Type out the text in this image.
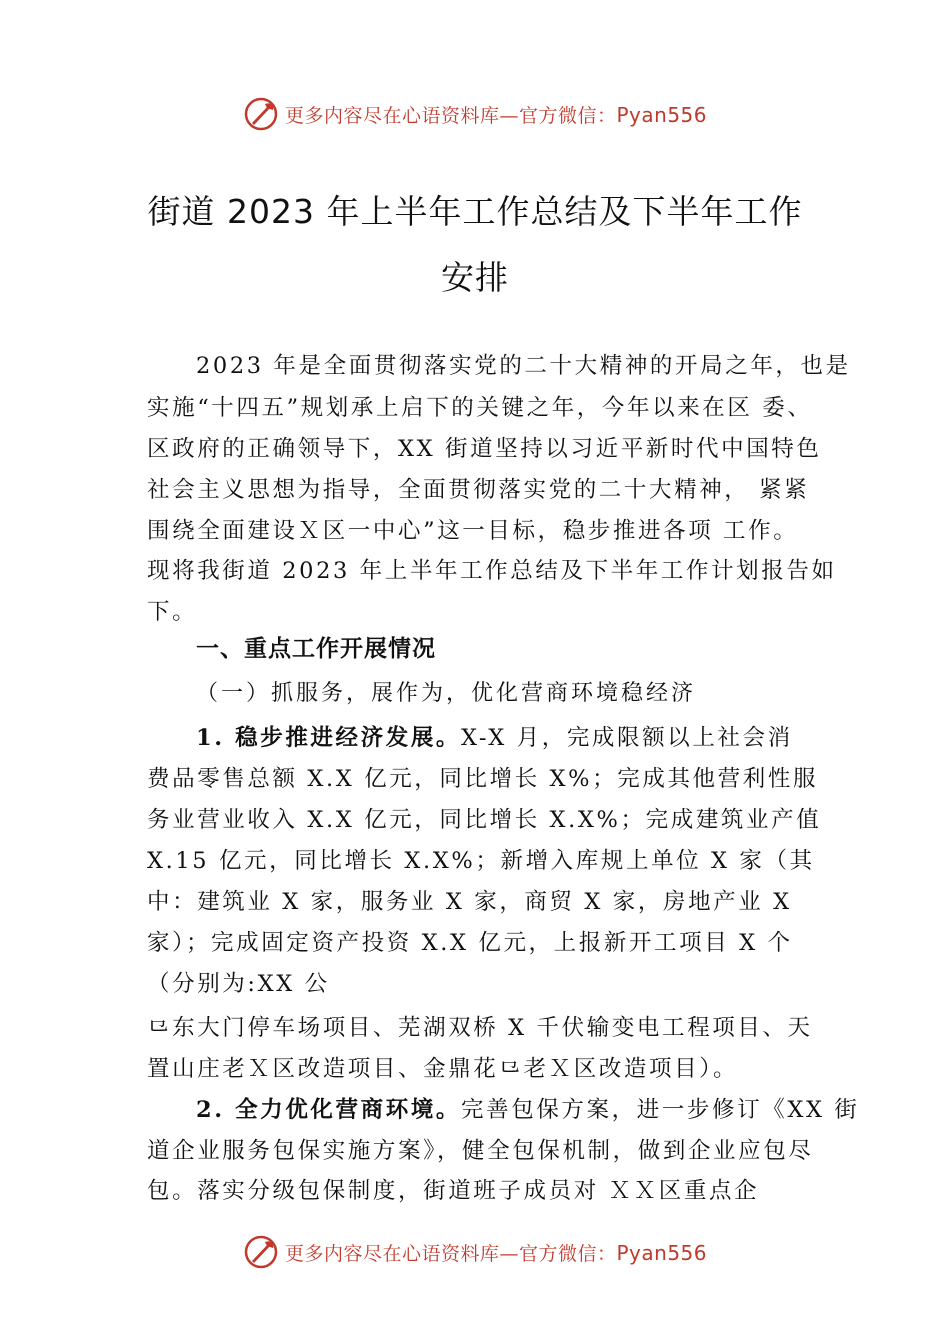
更多内容尽在心语资料库—官方微信：Pyan556
街道 2023 年上半年工作总结及下半年工作
安排
2023 年是全面贯彻落实党的二十大精神的开局之年，也是
实施“十四五”规划承上启下的关键之年，今年以来在区 委、
区政府的正确领导下，XX 街道坚持以习近平新时代中国特色
社会主义思想为指导，全面贯彻落实党的二十大精神， 紧紧
围绕全面建设Ｘ区一中心”这一目标，稳步推进各项 工作。
现将我街道 2023 年上半年工作总结及下半年工作计划报告如
下。
一、重点工作开展情况
（一）抓服务，展作为，优化营商环境稳经济
1. 稳步推进经济发展。X-X 月，完成限额以上社会消
费品零售总额 X.X 亿元，同比增长 X%；完成其他营利性服
务业营业收入 X.X 亿元，同比增长 X.X%；完成建筑业产值
X.15 亿元，同比增长 X.X%；新增入库规上单位 X 家（其
中：建筑业 X 家，服务业 X 家，商贸 X 家，房地产业 X
家）；完成固定资产投资 X.X 亿元，上报新开工项目 X 个
（分别为:XX 公
⺋东大门停车场项目、芜湖双桥 X 千伏输变电工程项目、天
置山庄老Ｘ区改造项目、金鼎花⺋老Ｘ区改造项目）。
2. 全力优化营商环境。完善包保方案，进一步修订《XX 街
道企业服务包保实施方案》，健全包保机制，做到企业应包尽
包。落实分级包保制度，街道班子成员对 ＸＸ区重点企
更多内容尽在心语资料库—官方微信：Pyan556
